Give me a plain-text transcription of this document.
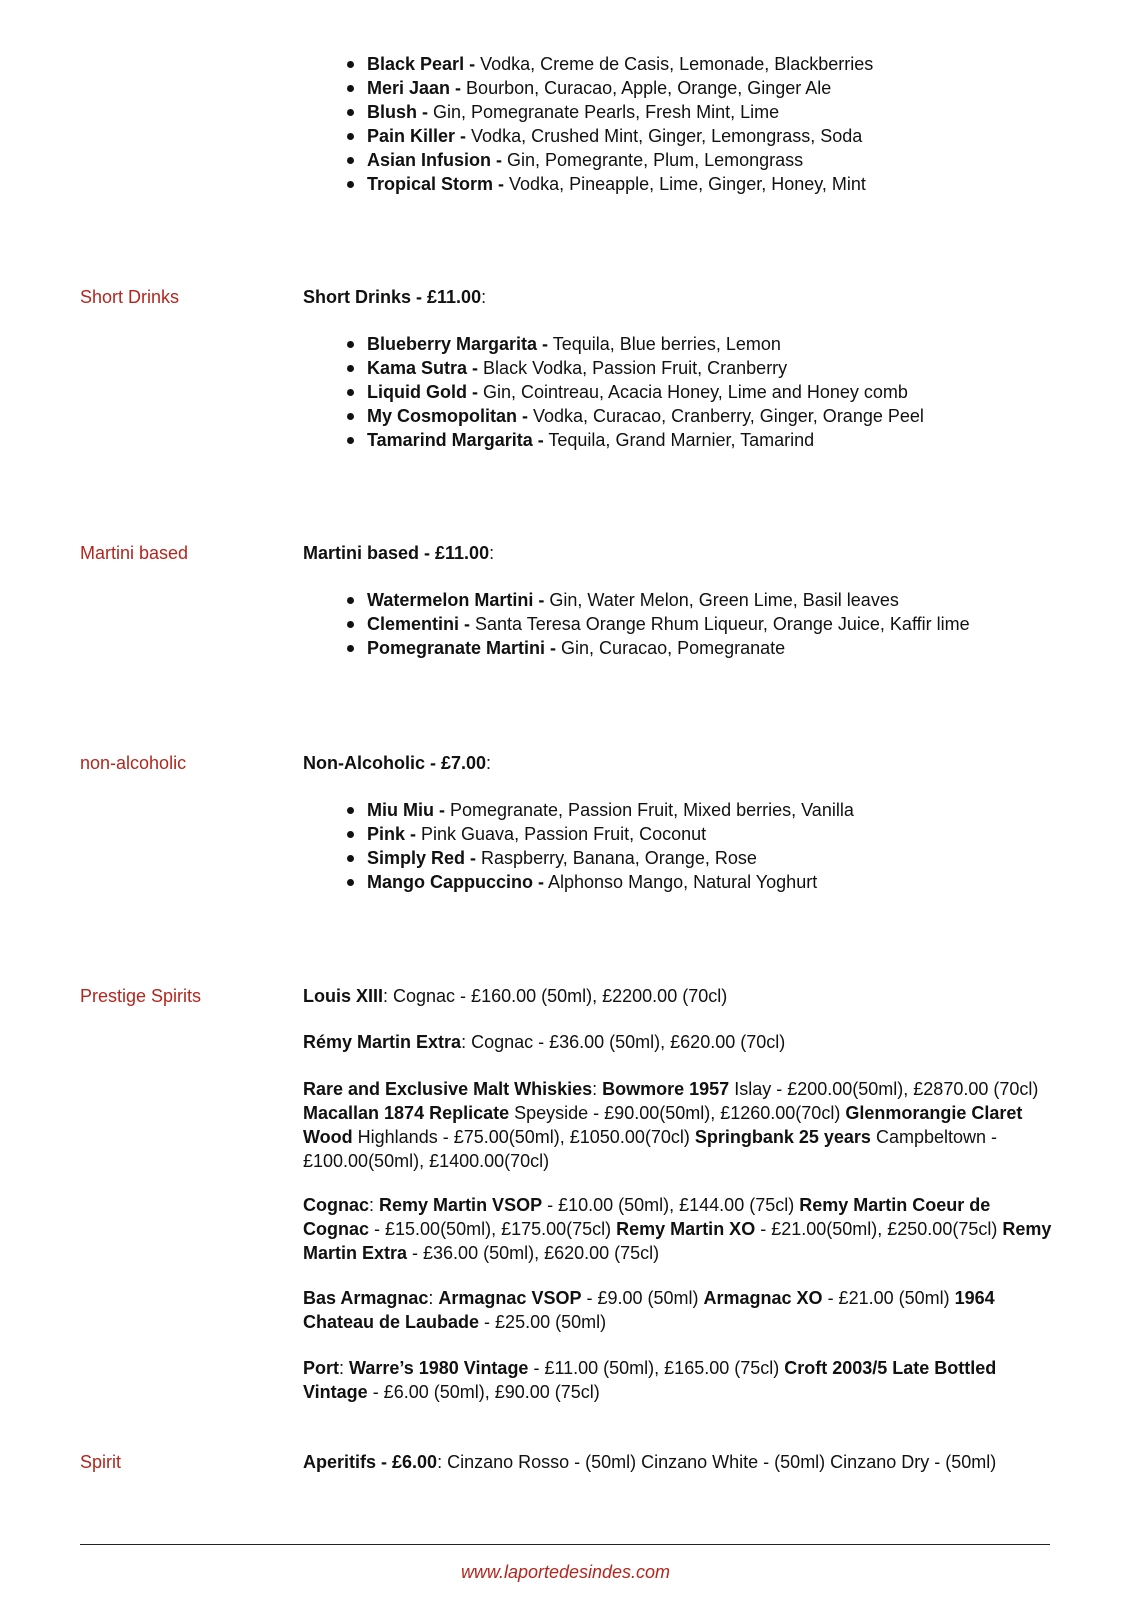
Black Pearl - Vodka, Creme de Casis, Lemonade, Blackberries
Meri Jaan - Bourbon, Curacao, Apple, Orange, Ginger Ale
Blush - Gin, Pomegranate Pearls, Fresh Mint, Lime
Pain Killer - Vodka, Crushed Mint, Ginger, Lemongrass, Soda
Asian Infusion - Gin, Pomegrante, Plum, Lemongrass
Tropical Storm - Vodka, Pineapple, Lime, Ginger, Honey, Mint
Short Drinks	Short Drinks - £11.00:
Blueberry Margarita - Tequila, Blue berries, Lemon
Kama Sutra - Black Vodka, Passion Fruit, Cranberry
Liquid Gold - Gin, Cointreau, Acacia Honey, Lime and Honey comb
My Cosmopolitan - Vodka, Curacao, Cranberry, Ginger, Orange Peel
Tamarind Margarita - Tequila, Grand Marnier, Tamarind
Martini based	Martini based - £11.00:
Watermelon Martini - Gin, Water Melon, Green Lime, Basil leaves
Clementini - Santa Teresa Orange Rhum Liqueur, Orange Juice, Kaffir lime
Pomegranate Martini - Gin, Curacao, Pomegranate
non-alcoholic	Non-Alcoholic - £7.00:
Miu Miu - Pomegranate, Passion Fruit, Mixed berries, Vanilla
Pink - Pink Guava, Passion Fruit, Coconut
Simply Red - Raspberry, Banana, Orange, Rose
Mango Cappuccino - Alphonso Mango, Natural Yoghurt
Prestige Spirits	Louis XIII: Cognac - £160.00 (50ml), £2200.00 (70cl)
Rémy Martin Extra: Cognac - £36.00 (50ml), £620.00 (70cl)
Rare and Exclusive Malt Whiskies: Bowmore 1957 Islay - £200.00(50ml), £2870.00 (70cl) Macallan 1874 Replicate Speyside - £90.00(50ml), £1260.00(70cl) Glenmorangie Claret Wood Highlands - £75.00(50ml), £1050.00(70cl) Springbank 25 years Campbeltown - £100.00(50ml), £1400.00(70cl)
Cognac: Remy Martin VSOP - £10.00 (50ml), £144.00 (75cl) Remy Martin Coeur de Cognac - £15.00(50ml), £175.00(75cl) Remy Martin XO - £21.00(50ml), £250.00(75cl) Remy Martin Extra - £36.00 (50ml), £620.00 (75cl)
Bas Armagnac: Armagnac VSOP - £9.00 (50ml) Armagnac XO - £21.00 (50ml) 1964 Chateau de Laubade - £25.00 (50ml)
Port: Warre’s 1980 Vintage - £11.00 (50ml), £165.00 (75cl) Croft 2003/5 Late Bottled Vintage - £6.00 (50ml), £90.00 (75cl)
Spirit	Aperitifs - £6.00: Cinzano Rosso - (50ml) Cinzano White - (50ml) Cinzano Dry - (50ml)
www.laportedesindes.com
